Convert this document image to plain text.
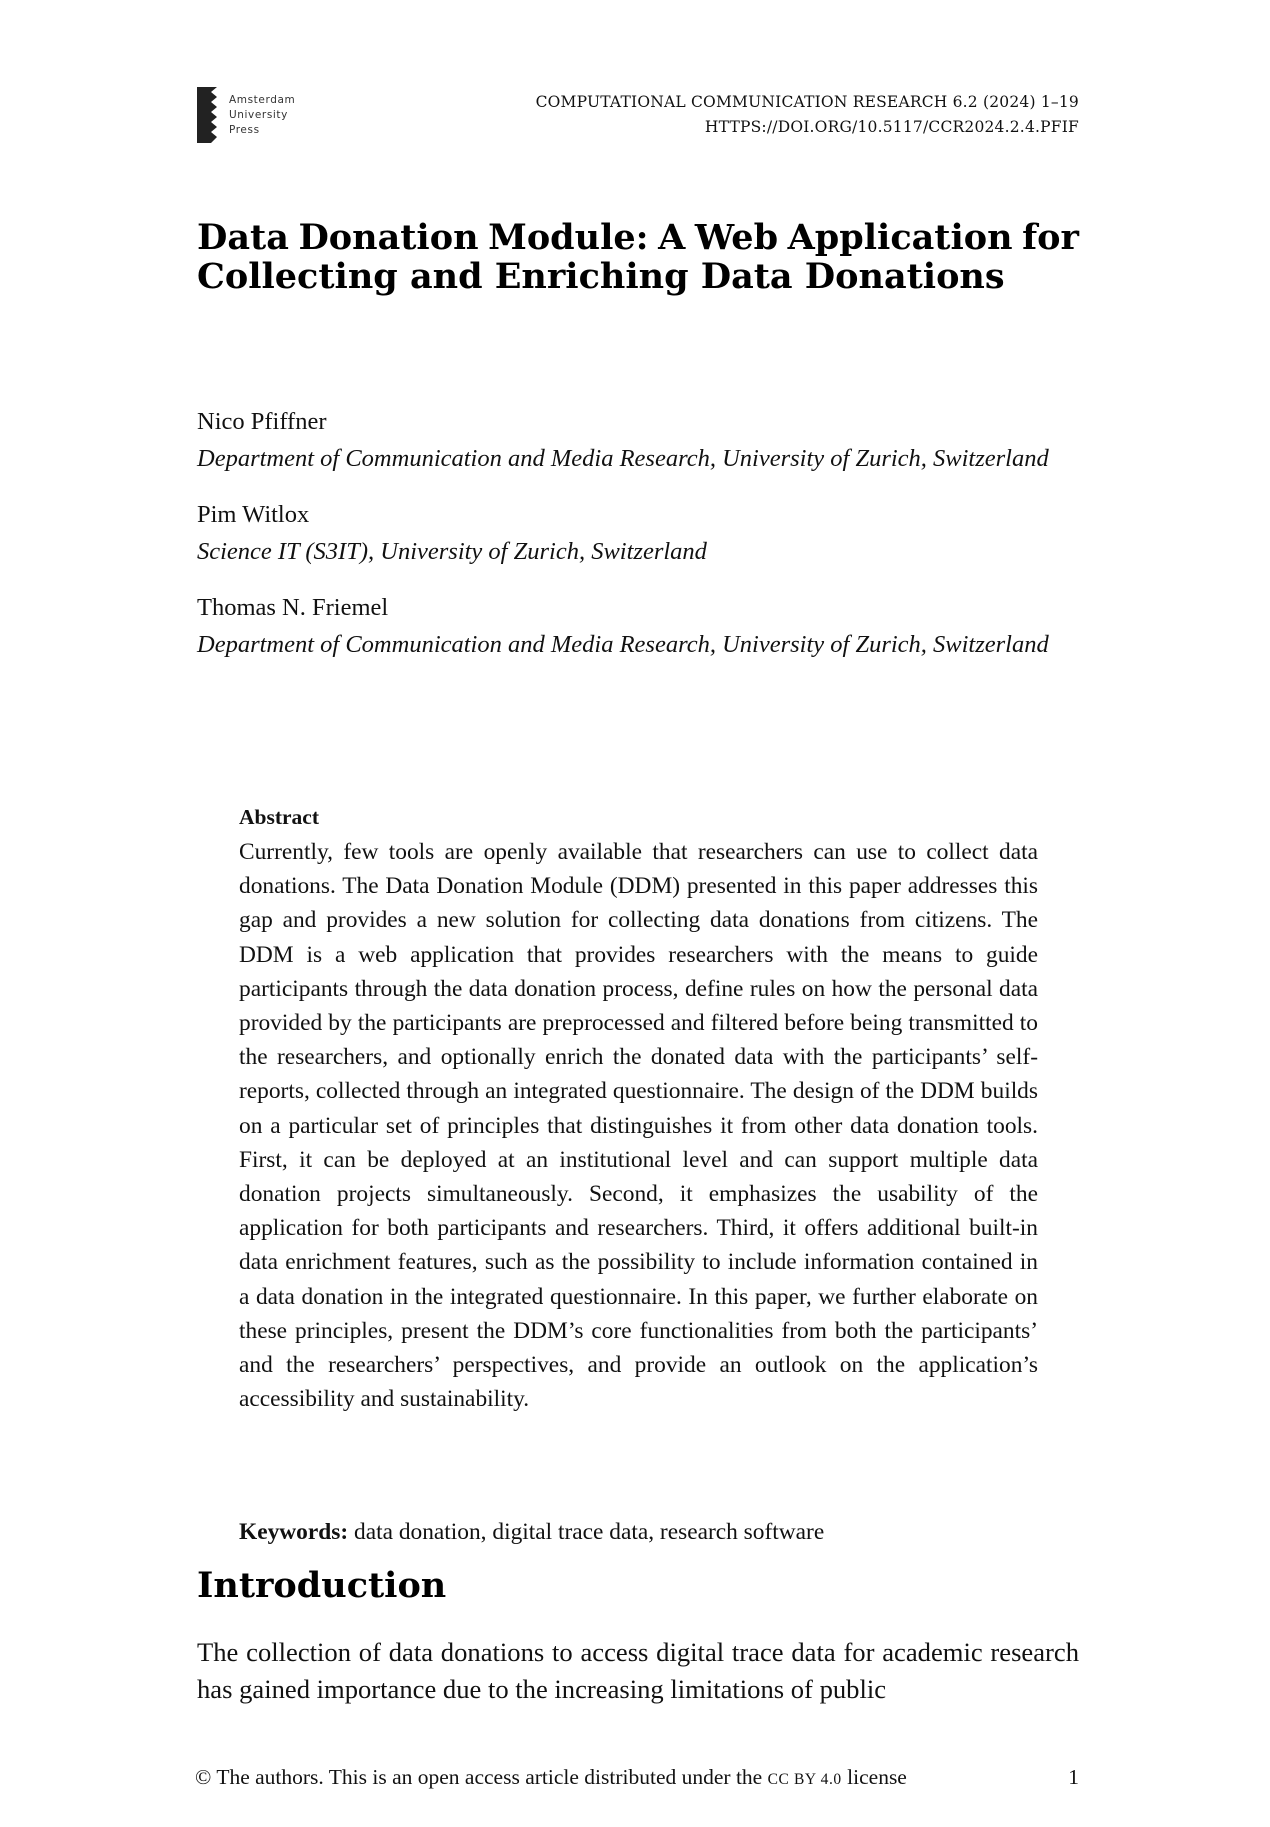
Amsterdam
University
Press
COMPUTATIONAL COMMUNICATION RESEARCH 6.2 (2024) 1–19
HTTPS://DOI.ORG/10.5117/CCR2024.2.4.PFIF
Data Donation Module: A Web Application for
Collecting and Enriching Data Donations
Nico Pfiffner
Department of Communication and Media Research, University of Zurich, Switzerland
Pim Witlox
Science IT (S3IT), University of Zurich, Switzerland
Thomas N. Friemel
Department of Communication and Media Research, University of Zurich, Switzerland
Abstract

Currently, few tools are openly available that researchers can use to collect data donations. The Data Donation Module (DDM) presented in this paper addresses this gap and provides a new solution for collecting data donations from citizens. The DDM is a web application that provides researchers with the means to guide participants through the data donation process, define rules on how the personal data provided by the participants are preprocessed and filtered before being transmitted to the researchers, and optionally enrich the donated data with the participants’ self-reports, collected through an integrated questionnaire. The design of the DDM builds on a particular set of principles that distinguishes it from other data donation tools. First, it can be deployed at an institutional level and can support multiple data donation projects simultaneously. Second, it emphasizes the usability of the application for both participants and researchers. Third, it offers additional built-in data enrichment features, such as the possibility to include information contained in a data donation in the integrated questionnaire. In this paper, we further elaborate on these principles, present the DDM’s core functionalities from both the participants’ and the researchers’ perspectives, and provide an outlook on the application’s accessibility and sustainability.

Keywords: data donation, digital trace data, research software
Introduction

The collection of data donations to access digital trace data for academic research has gained importance due to the increasing limitations of public

© The authors. This is an open access article distributed under the CC BY 4.0 license	1
